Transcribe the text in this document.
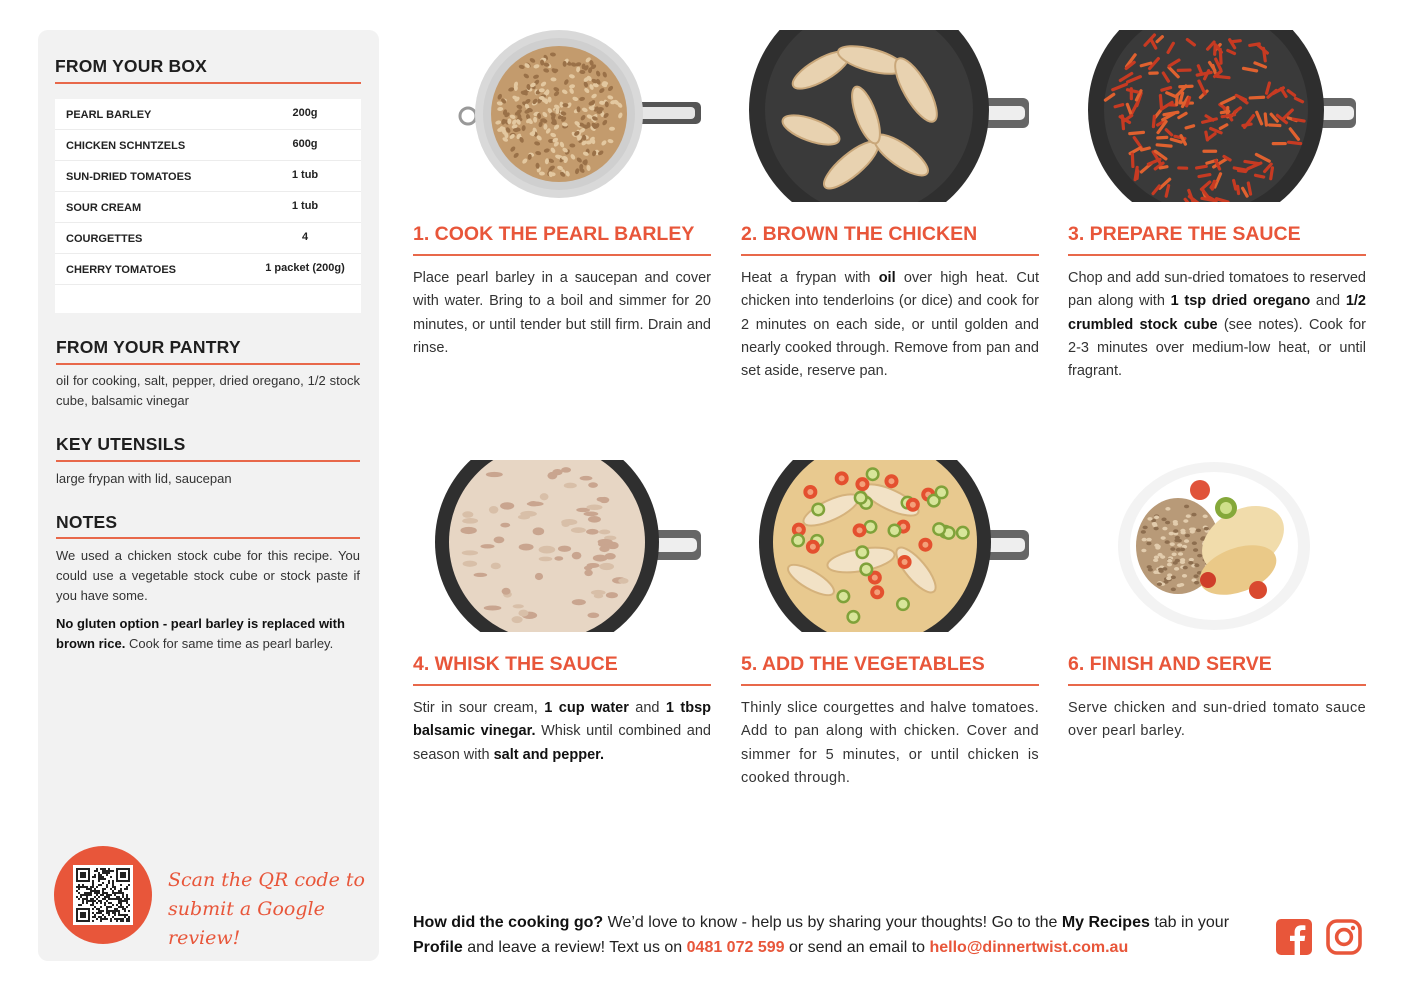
FROM YOUR BOX
PEARL BARLEY	200g
CHICKEN SCHNTZELS	600g
SUN-DRIED TOMATOES	1 tub
SOUR CREAM	1 tub
COURGETTES	4
CHERRY TOMATOES	1 packet (200g)
FROM YOUR PANTRY
oil for cooking, salt, pepper, dried oregano, 1/2 stock cube, balsamic vinegar
KEY UTENSILS
large frypan with lid, saucepan
NOTES
We used a chicken stock cube for this recipe. You could use a vegetable stock cube or stock paste if you have some.
No gluten option - pearl barley is replaced with brown rice. Cook for same time as pearl barley.
Scan the QR code to
submit a Google review!
1. COOK THE PEARL BARLEY
Place pearl barley in a saucepan and cover with water. Bring to a boil and simmer for 20 minutes, or until tender but still firm. Drain and rinse.
2. BROWN THE CHICKEN
Heat a frypan with oil over high heat. Cut chicken into tenderloins (or dice) and cook for 2 minutes on each side, or until golden and nearly cooked through. Remove from pan and set aside, reserve pan.
3. PREPARE THE SAUCE
Chop and add sun-dried tomatoes to reserved pan along with 1 tsp dried oregano and 1/2 crumbled stock cube (see notes). Cook for 2-3 minutes over medium-low heat, or until fragrant.
4. WHISK THE SAUCE
Stir in sour cream, 1 cup water and 1 tbsp balsamic vinegar. Whisk until combined and season with salt and pepper.
5. ADD THE VEGETABLES
Thinly slice courgettes and halve tomatoes. Add to pan along with chicken. Cover and simmer for 5 minutes, or until chicken is cooked through.
6. FINISH AND SERVE
Serve chicken and sun-dried tomato sauce over pearl barley.
How did the cooking go? We’d love to know - help us by sharing your thoughts! Go to the My Recipes tab in your Profile and leave a review! Text us on 0481 072 599 or send an email to hello@dinnertwist.com.au
